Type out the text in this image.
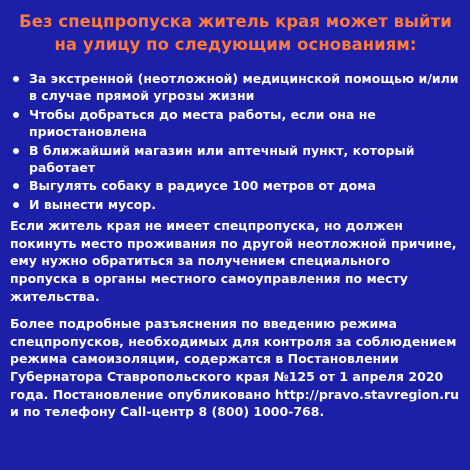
Без спецпропуска житель края может выйти
на улицу по следующим основаниям:
За экстренной (неотложной) медицинской помощью и/или в случае прямой угрозы жизни
Чтобы добраться до места работы, если она не приостановлена
В ближайший магазин или аптечный пункт, который работает
Выгулять собаку в радиусе 100 метров от дома
И вынести мусор.

Если житель края не имеет спецпропуска, но должен покинуть место проживания по другой неотложной причине, ему нужно обратиться за получением специального пропуска в органы местного самоуправления по месту жительства.

Более подробные разъяснения по введению режима спецпропусков, необходимых для контроля за соблюдением режима самоизоляции, содержатся в Постановлении Губернатора Ставропольского края №125 от 1 апреля 2020 года. Постановление опубликовано http://pravo.stavregion.ru и по телефону Call-центр 8 (800) 1000-768.
